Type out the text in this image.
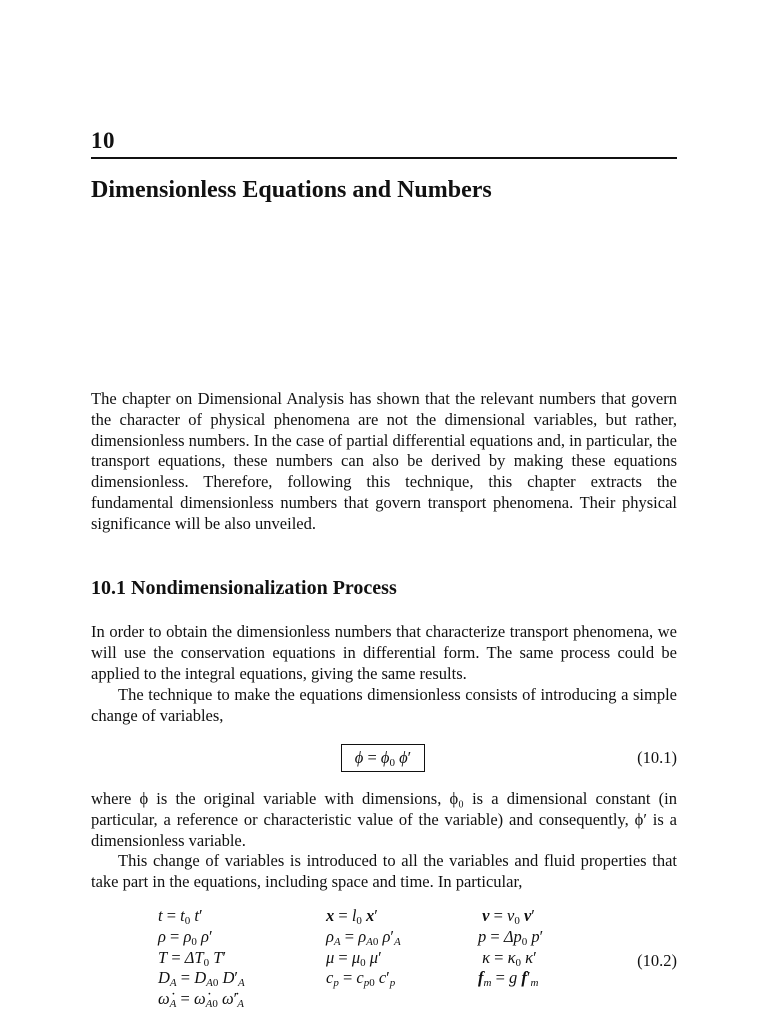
10
Dimensionless Equations and Numbers
The chapter on Dimensional Analysis has shown that the relevant numbers that govern the character of physical phenomena are not the dimensional variables, but rather, dimensionless numbers. In the case of partial differential equations and, in particular, the transport equations, these numbers can also be derived by making these equations dimensionless. Therefore, following this technique, this chapter extracts the fundamental dimensionless numbers that govern transport phenomena. Their physical significance will be also unveiled.
10.1 Nondimensionalization Process
In order to obtain the dimensionless numbers that characterize transport phenomena, we will use the conservation equations in differential form. The same process could be applied to the integral equations, giving the same results.
The technique to make the equations dimensionless consists of introducing a simple change of variables,
$\phi = \phi_0$ ϕ′	(10.1)
where ϕ is the original variable with dimensions, ϕ₀ is a dimensional constant (in particular, a reference or characteristic value of the variable) and consequently, ϕ′ is a dimensionless variable.
This change of variables is introduced to all the variables and fluid properties that take part in the equations, including space and time. In particular,
$t = t_0$ t′
$\rho = \rho_0$ ρ′
$T = \Delta T_0$ T′
$D_A = D_{A0}$ $D'_A$
$\omegȧ_A$ = $\omegȧ_{A0}$ $\omegȧ'_A$
$x = l_0$ x′
$\rho_A = \rho_{A0}$ $\rho'_A$
$\mu = \mu_0$ μ′
$c_p = c_{p0}$ $c'_p$
$v = v_0$ v′
$p = \Delta p_0$ p′
$\kappa = \kappa_0$ κ′
$f_m = g$ $f'_m$
(10.2)
